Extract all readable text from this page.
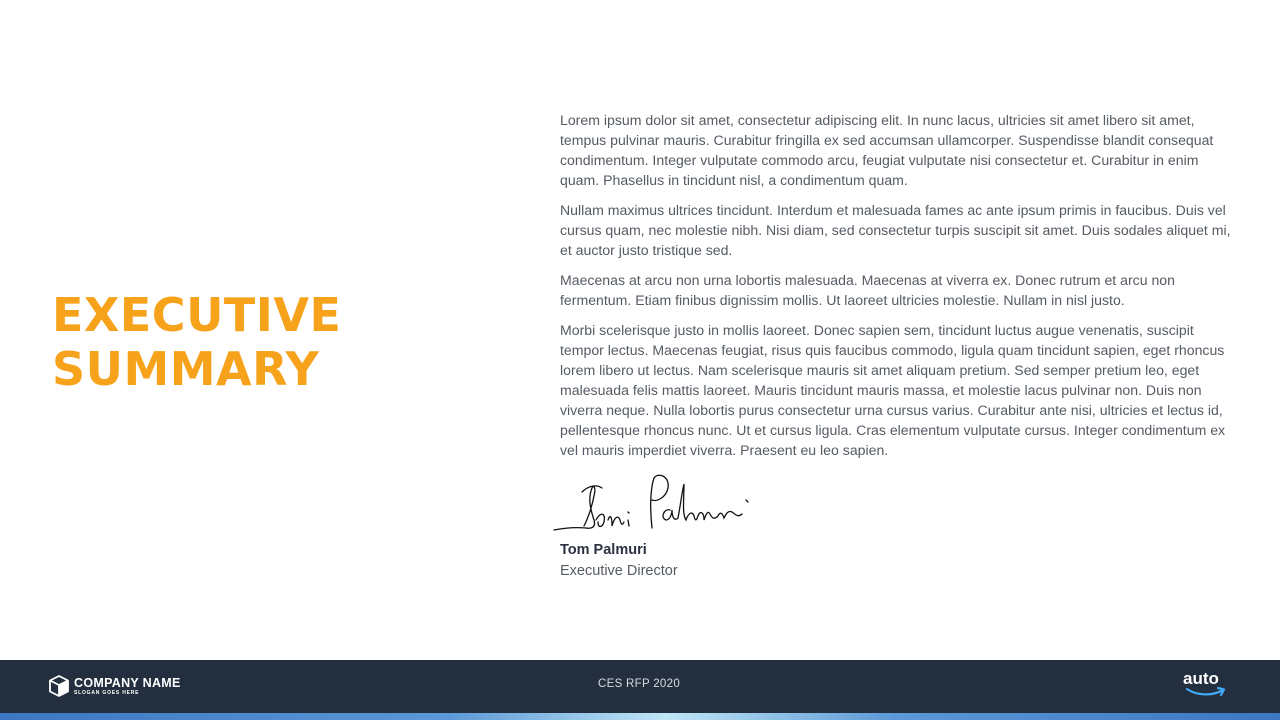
EXECUTIVE
SUMMARY

Lorem ipsum dolor sit amet, consectetur adipiscing elit. In nunc lacus, ultricies sit amet libero sit amet, tempus pulvinar mauris. Curabitur fringilla ex sed accumsan ullamcorper. Suspendisse blandit consequat condimentum. Integer vulputate commodo arcu, feugiat vulputate nisi consectetur et. Curabitur in enim quam. Phasellus in tincidunt nisl, a condimentum quam.

Nullam maximus ultrices tincidunt. Interdum et malesuada fames ac ante ipsum primis in faucibus. Duis vel cursus quam, nec molestie nibh. Nisi diam, sed consectetur turpis suscipit sit amet. Duis sodales aliquet mi, et auctor justo tristique sed.

Maecenas at arcu non urna lobortis malesuada. Maecenas at viverra ex. Donec rutrum et arcu non fermentum. Etiam finibus dignissim mollis. Ut laoreet ultricies molestie. Nullam in nisl justo.

Morbi scelerisque justo in mollis laoreet. Donec sapien sem, tincidunt luctus augue venenatis, suscipit tempor lectus. Maecenas feugiat, risus quis faucibus commodo, ligula quam tincidunt sapien, eget rhoncus lorem libero ut lectus. Nam scelerisque mauris sit amet aliquam pretium. Sed semper pretium leo, eget malesuada felis mattis laoreet. Mauris tincidunt mauris massa, et molestie lacus pulvinar non. Duis non viverra neque. Nulla lobortis purus consectetur urna cursus varius. Curabitur ante nisi, ultricies et lectus id, pellentesque rhoncus nunc. Ut et cursus ligula. Cras elementum vulputate cursus. Integer condimentum ex vel mauris imperdiet viverra. Praesent eu leo sapien.

Tom Palmuri
Executive Director
COMPANY NAME
SLOGAN GOES HERE
CES RFP 2020	auto
